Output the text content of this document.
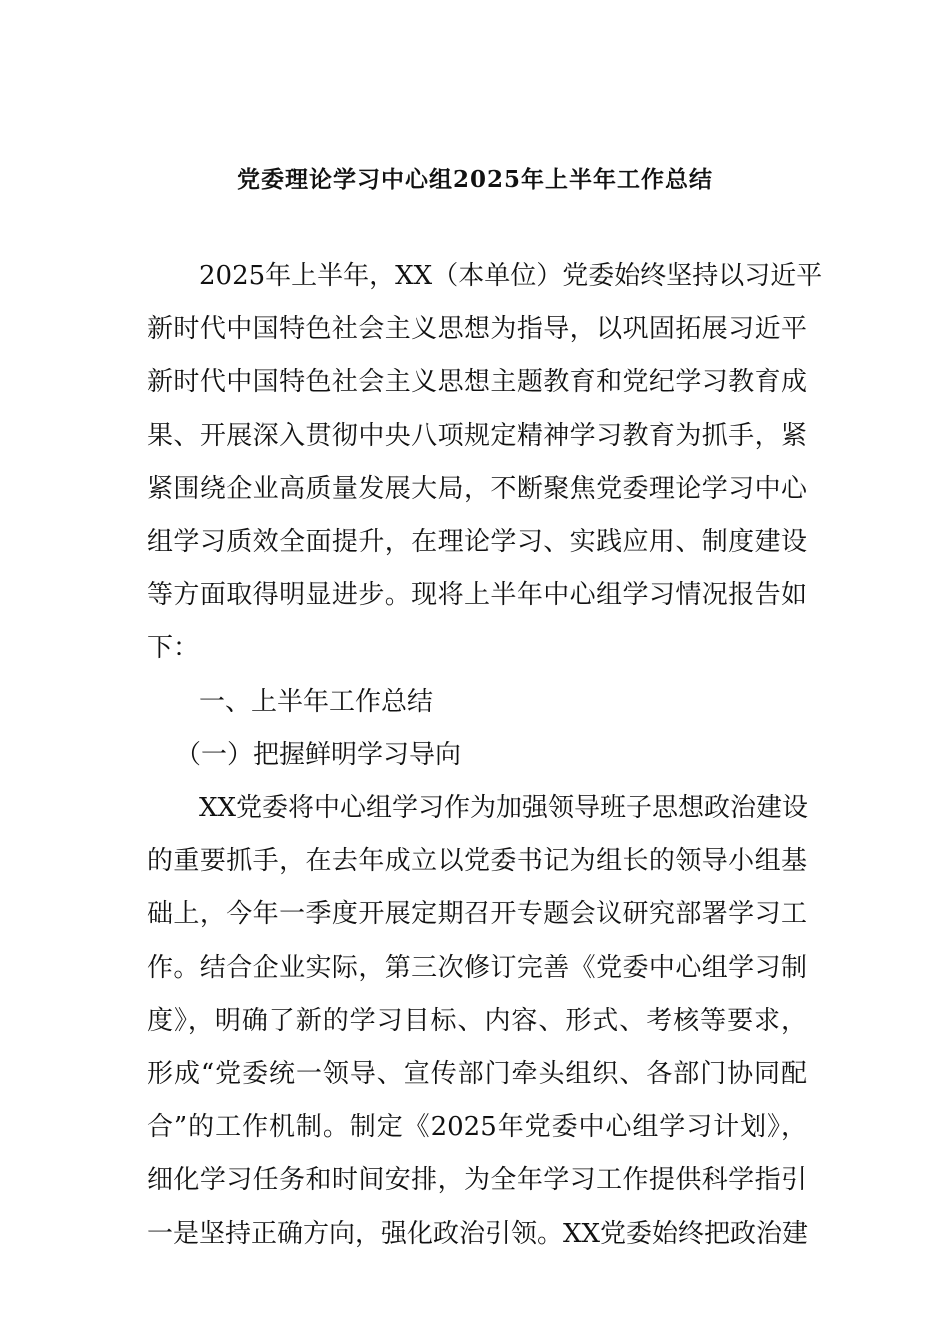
党委理论学习中心组2025年上半年工作总结
2025年上半年，XX（本单位）党委始终坚持以习近平
新时代中国特色社会主义思想为指导，以巩固拓展习近平
新时代中国特色社会主义思想主题教育和党纪学习教育成
果、开展深入贯彻中央八项规定精神学习教育为抓手，紧
紧围绕企业高质量发展大局，不断聚焦党委理论学习中心
组学习质效全面提升，在理论学习、实践应用、制度建设
等方面取得明显进步。现将上半年中心组学习情况报告如
下：
一、上半年工作总结
（一）把握鲜明学习导向
XX党委将中心组学习作为加强领导班子思想政治建设
的重要抓手，在去年成立以党委书记为组长的领导小组基
础上，今年一季度开展定期召开专题会议研究部署学习工
作。结合企业实际，第三次修订完善《党委中心组学习制
度》，明确了新的学习目标、内容、形式、考核等要求，
形成“党委统一领导、宣传部门牵头组织、各部门协同配
合”的工作机制。制定《2025年党委中心组学习计划》，
细化学习任务和时间安排，为全年学习工作提供科学指引
一是坚持正确方向，强化政治引领。XX党委始终把政治建
